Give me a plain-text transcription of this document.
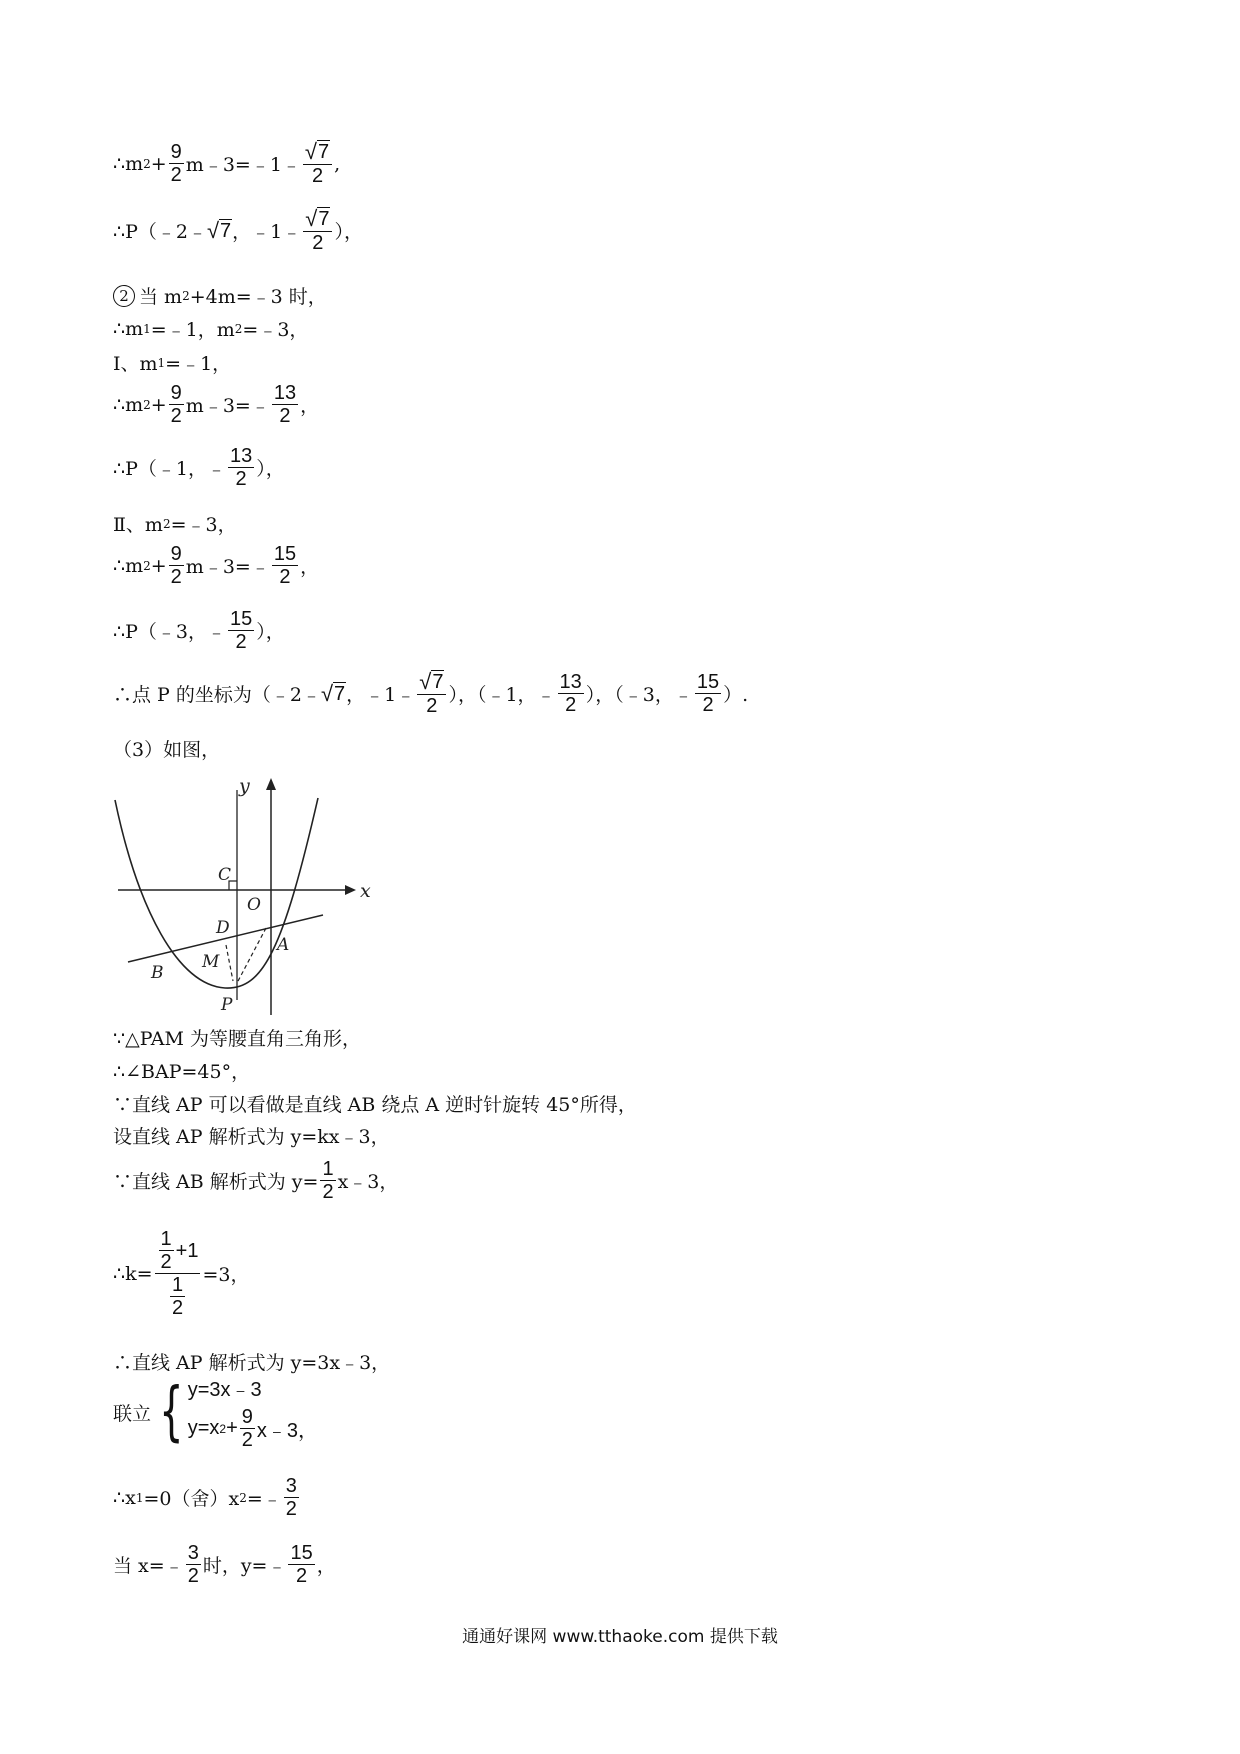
∴m $2 + \frac{9}{2}$ m﹣3=﹣1﹣ $\frac{√ 7}{2}$ ,
∴P（﹣2﹣ √ 7 ，﹣1﹣ $\frac{√ 7}{2}$ ），
2 当 m 2 +4m=﹣3 时，
∴m 1 =﹣1，m 2 =﹣3，
Ⅰ、m 1 =﹣1，
∴m $2 + \frac{9}{2}$ m﹣3=﹣ $\frac{13}{2}$ ，
∴P（﹣1，﹣ $\frac{13}{2}$ ），
Ⅱ、m 2 =﹣3，
∴m $2 + \frac{9}{2}$ m﹣3=﹣ $\frac{15}{2}$ ，
∴P（﹣3，﹣ $\frac{15}{2}$ ），
∴点 P 的坐标为（﹣2﹣ √ 7 ，﹣1﹣ $\frac{√ 7}{2}$ ），（﹣1，﹣ $\frac{13}{2}$ ），（﹣3，﹣ $\frac{15}{2}$ ）.
（3）如图，
y
x
C
O
D
A
M
B
P
∵△PAM 为等腰直角三角形，
∴∠BAP=45°，
∵直线 AP 可以看做是直线 AB 绕点 A 逆时针旋转 45°所得，
设直线 AP 解析式为 y=kx﹣3，
∵直线 AB 解析式为 $y= \frac{1}{2}$ x﹣3，
∴k= $\frac{\frac{1}{2} +1}{\frac{1}{2}} =3$，
∴直线 AP 解析式为 y=3x﹣3，
联立 { y=3x﹣3
y=x $2 + \frac{9}{2}$ x﹣3 ，
∴x 1 =0（舍）x 2 =﹣ $\frac{3}{2}$
当 x=﹣ $\frac{3}{2}$ 时，y=﹣ $\frac{15}{2}$ ，
通通好课网 www.tthaoke.com 提供下载
